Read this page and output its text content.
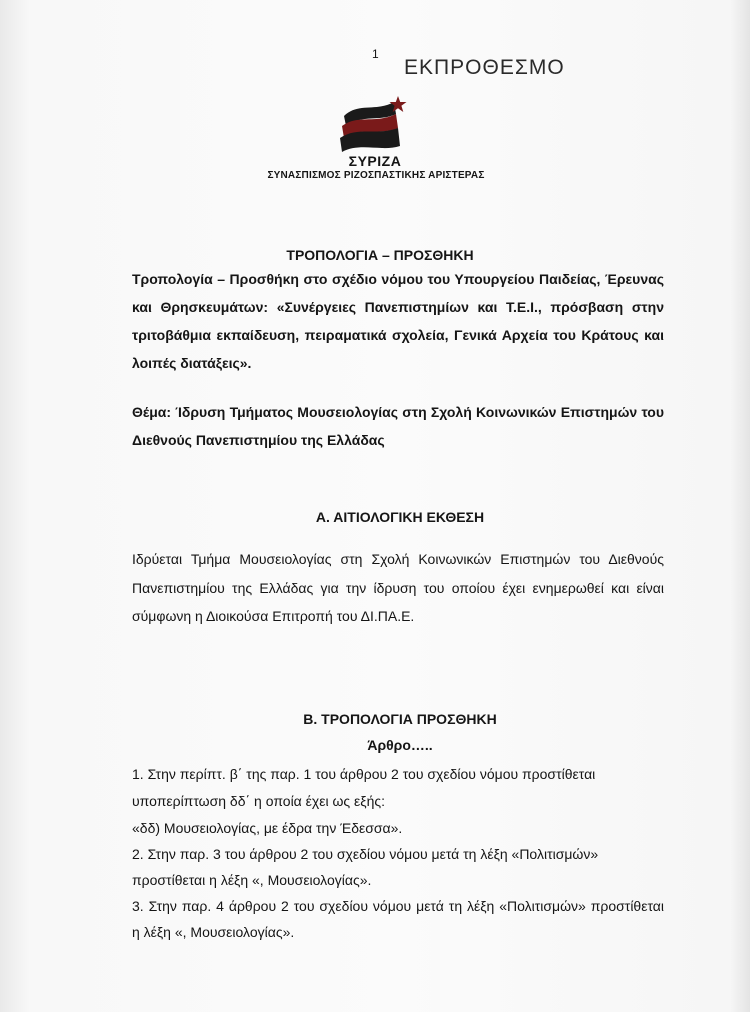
1
ΕΚΠΡΟΘΕΣΜΟ
ΣΥΡΙΖΑ
ΣΥΝΑΣΠΙΣΜΟΣ ΡΙΖΟΣΠΑΣΤΙΚΗΣ ΑΡΙΣΤΕΡΑΣ
ΤΡΟΠΟΛΟΓΙΑ – ΠΡΟΣΘΗΚΗ
Τροπολογία – Προσθήκη στο σχέδιο νόμου του Υπουργείου Παιδείας, Έρευνας
και Θρησκευμάτων: «Συνέργειες Πανεπιστημίων και Τ.Ε.Ι., πρόσβαση στην
τριτοβάθμια εκπαίδευση, πειραματικά σχολεία, Γενικά Αρχεία του Κράτους και
λοιπές διατάξεις».
Θέμα: Ίδρυση Τμήματος Μουσειολογίας στη Σχολή Κοινωνικών Επιστημών του
Διεθνούς Πανεπιστημίου της Ελλάδας
Α. ΑΙΤΙΟΛΟΓΙΚΗ ΕΚΘΕΣΗ
Ιδρύεται Τμήμα Μουσειολογίας στη Σχολή Κοινωνικών Επιστημών του Διεθνούς
Πανεπιστημίου της Ελλάδας για την ίδρυση του οποίου έχει ενημερωθεί και είναι
σύμφωνη η Διοικούσα Επιτροπή του ΔΙ.ΠΑ.Ε.
Β. ΤΡΟΠΟΛΟΓΙΑ ΠΡΟΣΘΗΚΗ
Άρθρο…..
1. Στην περίπτ. β΄ της παρ. 1 του άρθρου 2 του σχεδίου νόμου προστίθεται
υποπερίπτωση δδ΄ η οποία έχει ως εξής:
«δδ) Μουσειολογίας, με έδρα την Έδεσσα».
2. Στην παρ. 3 του άρθρου 2 του σχεδίου νόμου μετά τη λέξη «Πολιτισμών»
προστίθεται η λέξη «, Μουσειολογίας».
3. Στην παρ. 4 άρθρου 2 του σχεδίου νόμου μετά τη λέξη «Πολιτισμών» προστίθεται
η λέξη «, Μουσειολογίας».
